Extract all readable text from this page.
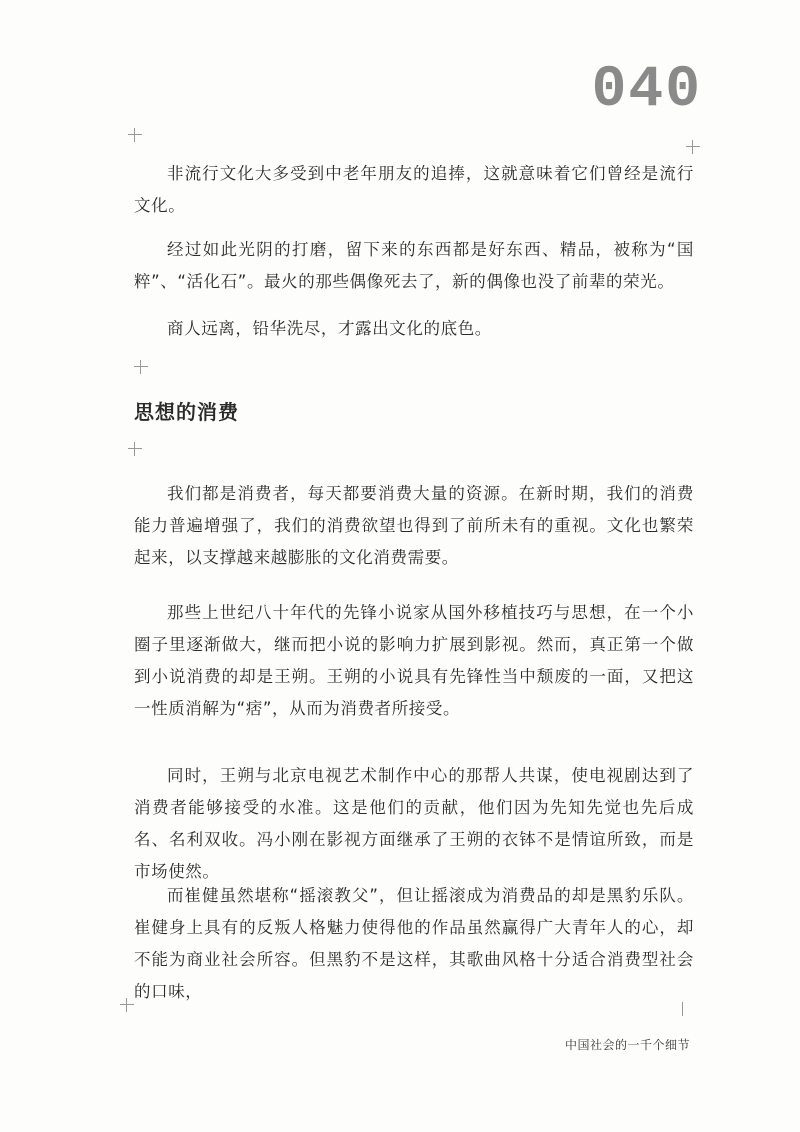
040

非流行文化大多受到中老年朋友的追捧，这就意味着它们曾经是流行文化。

经过如此光阴的打磨，留下来的东西都是好东西、精品，被称为“国粹”、“活化石”。最火的那些偶像死去了，新的偶像也没了前辈的荣光。

商人远离，铅华洗尽，才露出文化的底色。

思想的消费

我们都是消费者，每天都要消费大量的资源。在新时期，我们的消费能力普遍增强了，我们的消费欲望也得到了前所未有的重视。文化也繁荣起来，以支撑越来越膨胀的文化消费需要。

那些上世纪八十年代的先锋小说家从国外移植技巧与思想，在一个小圈子里逐渐做大，继而把小说的影响力扩展到影视。然而，真正第一个做到小说消费的却是王朔。王朔的小说具有先锋性当中颓废的一面，又把这一性质消解为“痞”，从而为消费者所接受。

同时，王朔与北京电视艺术制作中心的那帮人共谋，使电视剧达到了消费者能够接受的水准。这是他们的贡献，他们因为先知先觉也先后成名、名利双收。冯小刚在影视方面继承了王朔的衣钵不是情谊所致，而是市场使然。

而崔健虽然堪称“摇滚教父”，但让摇滚成为消费品的却是黑豹乐队。崔健身上具有的反叛人格魅力使得他的作品虽然赢得广大青年人的心，却不能为商业社会所容。但黑豹不是这样，其歌曲风格十分适合消费型社会的口味，

中国社会的一千个细节
